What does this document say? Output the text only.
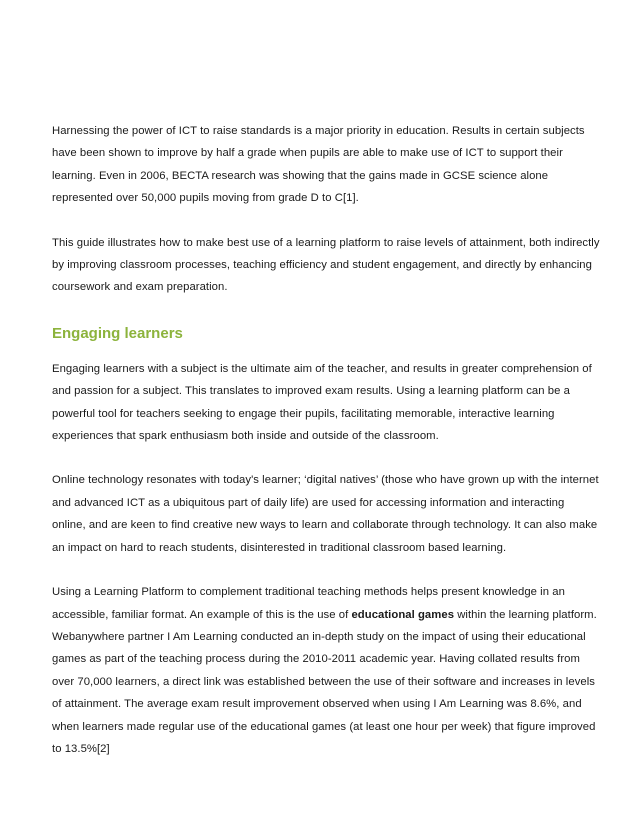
Harnessing the power of ICT to raise standards is a major priority in education. Results in certain subjects have been shown to improve by half a grade when pupils are able to make use of ICT to support their learning. Even in 2006, BECTA research was showing that the gains made in GCSE science alone represented over 50,000 pupils moving from grade D to C[1].

This guide illustrates how to make best use of a learning platform to raise levels of attainment, both indirectly by improving classroom processes, teaching efficiency and student engagement, and directly by enhancing coursework and exam preparation.

Engaging learners

Engaging learners with a subject is the ultimate aim of the teacher, and results in greater comprehension of and passion for a subject. This translates to improved exam results. Using a learning platform can be a powerful tool for teachers seeking to engage their pupils, facilitating memorable, interactive learning experiences that spark enthusiasm both inside and outside of the classroom.

Online technology resonates with today's learner; ‘digital natives’ (those who have grown up with the internet and advanced ICT as a ubiquitous part of daily life) are used for accessing information and interacting online, and are keen to find creative new ways to learn and collaborate through technology. It can also make an impact on hard to reach students, disinterested in traditional classroom based learning.

Using a Learning Platform to complement traditional teaching methods helps present knowledge in an accessible, familiar format. An example of this is the use of educational games within the learning platform. Webanywhere partner I Am Learning conducted an in-depth study on the impact of using their educational games as part of the teaching process during the 2010-2011 academic year. Having collated results from over 70,000 learners, a direct link was established between the use of their software and increases in levels of attainment. The average exam result improvement observed when using I Am Learning was 8.6%, and when learners made regular use of the educational games (at least one hour per week) that figure improved to 13.5%[2]
